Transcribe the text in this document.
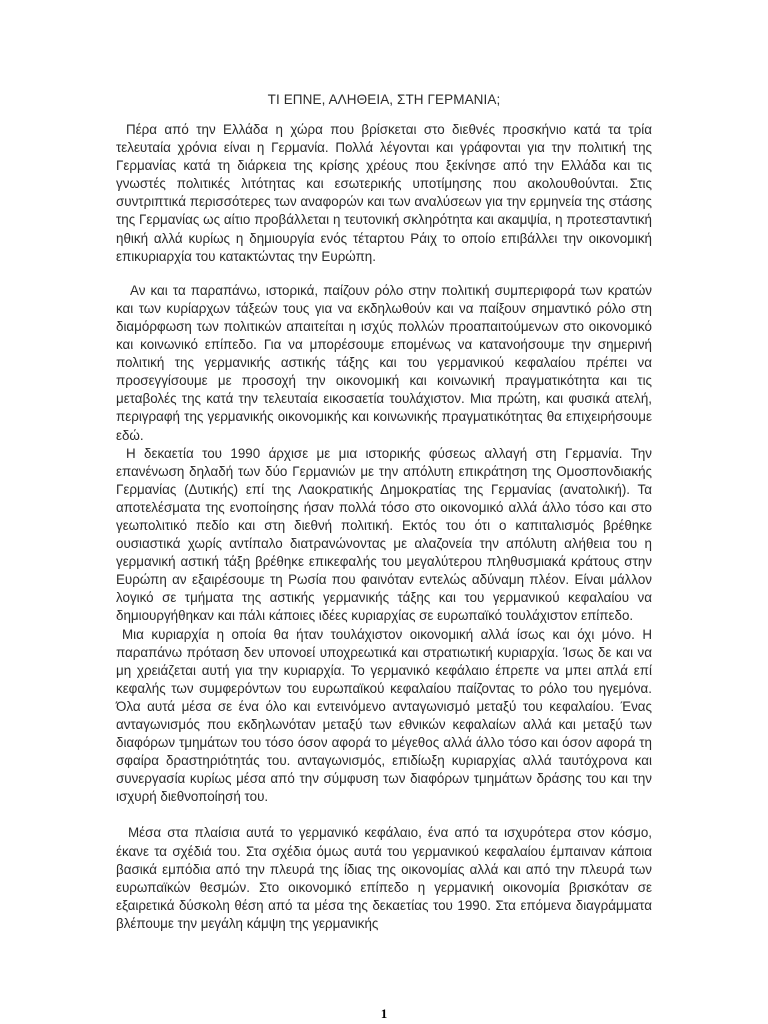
ΤΙ ΕΠΝΕ, ΑΛΗΘΕΙΑ, ΣΤΗ ΓΕΡΜΑΝΙΑ;

Πέρα από την Ελλάδα η χώρα που βρίσκεται στο διεθνές προσκήνιο κατά τα τρία τελευταία χρόνια είναι η Γερμανία. Πολλά λέγονται και γράφονται για την πολιτική της Γερμανίας κατά τη διάρκεια της κρίσης χρέους που ξεκίνησε από την Ελλάδα και τις γνωστές πολιτικές λιτότητας και εσωτερικής υποτίμησης που ακολουθούνται. Στις συντριπτικά περισσότερες των αναφορών και των αναλύσεων για την ερμηνεία της στάσης της Γερμανίας ως αίτιο προβάλλεται η τευτονική σκληρότητα και ακαμψία, η προτεσταντική ηθική αλλά κυρίως η δημιουργία ενός τέταρτου Ράιχ το οποίο επιβάλλει την οικονομική επικυριαρχία του κατακτώντας την Ευρώπη.

Αν και τα παραπάνω, ιστορικά, παίζουν ρόλο στην πολιτική συμπεριφορά των κρατών και των κυρίαρχων τάξεών τους για να εκδηλωθούν και να παίξουν σημαντικό ρόλο στη διαμόρφωση των πολιτικών απαιτείται η ισχύς πολλών προαπαιτούμενων στο οικονομικό και κοινωνικό επίπεδο. Για να μπορέσουμε επομένως να κατανοήσουμε την σημερινή πολιτική της γερμανικής αστικής τάξης και του γερμανικού κεφαλαίου πρέπει να προσεγγίσουμε με προσοχή την οικονομική και κοινωνική πραγματικότητα και τις μεταβολές της κατά την τελευταία εικοσαετία τουλάχιστον. Μια πρώτη, και φυσικά ατελή, περιγραφή της γερμανικής οικονομικής και κοινωνικής πραγματικότητας θα επιχειρήσουμε εδώ.

Η δεκαετία του 1990 άρχισε με μια ιστορικής φύσεως αλλαγή στη Γερμανία. Την επανένωση δηλαδή των δύο Γερμανιών με την απόλυτη επικράτηση της Ομοσπονδιακής Γερμανίας (Δυτικής) επί της Λαοκρατικής Δημοκρατίας της Γερμανίας (ανατολική). Τα αποτελέσματα της ενοποίησης ήσαν πολλά τόσο στο οικονομικό αλλά άλλο τόσο και στο γεωπολιτικό πεδίο και στη διεθνή πολιτική. Εκτός του ότι ο καπιταλισμός βρέθηκε ουσιαστικά χωρίς αντίπαλο διατρανώνοντας με αλαζονεία την απόλυτη αλήθεια του η γερμανική αστική τάξη βρέθηκε επικεφαλής του μεγαλύτερου πληθυσμιακά κράτους στην Ευρώπη αν εξαιρέσουμε τη Ρωσία που φαινόταν εντελώς αδύναμη πλέον. Είναι μάλλον λογικό σε τμήματα της αστικής γερμανικής τάξης και του γερμανικού κεφαλαίου να δημιουργήθηκαν και πάλι κάποιες ιδέες κυριαρχίας σε ευρωπαϊκό τουλάχιστον επίπεδο.

Μια κυριαρχία η οποία θα ήταν τουλάχιστον οικονομική αλλά ίσως και όχι μόνο. Η παραπάνω πρόταση δεν υπονοεί υποχρεωτικά και στρατιωτική κυριαρχία. Ίσως δε και να μη χρειάζεται αυτή για την κυριαρχία. Το γερμανικό κεφάλαιο έπρεπε να μπει απλά επί κεφαλής των συμφερόντων του ευρωπαϊκού κεφαλαίου παίζοντας το ρόλο του ηγεμόνα. Όλα αυτά μέσα σε ένα όλο και εντεινόμενο ανταγωνισμό μεταξύ του κεφαλαίου. Ένας ανταγωνισμός που εκδηλωνόταν μεταξύ των εθνικών κεφαλαίων αλλά και μεταξύ των διαφόρων τμημάτων του τόσο όσον αφορά το μέγεθος αλλά άλλο τόσο και όσον αφορά τη σφαίρα δραστηριότητάς του. ανταγωνισμός, επιδίωξη κυριαρχίας αλλά ταυτόχρονα και συνεργασία κυρίως μέσα από την σύμφυση των διαφόρων τμημάτων δράσης του και την ισχυρή διεθνοποίησή του.

Μέσα στα πλαίσια αυτά το γερμανικό κεφάλαιο, ένα από τα ισχυρότερα στον κόσμο, έκανε τα σχέδιά του. Στα σχέδια όμως αυτά του γερμανικού κεφαλαίου έμπαιναν κάποια βασικά εμπόδια από την πλευρά της ίδιας της οικονομίας αλλά και από την πλευρά των ευρωπαϊκών θεσμών. Στο οικονομικό επίπεδο η γερμανική οικονομία βρισκόταν σε εξαιρετικά δύσκολη θέση από τα μέσα της δεκαετίας του 1990. Στα επόμενα διαγράμματα βλέπουμε την μεγάλη κάμψη της γερμανικής

1
